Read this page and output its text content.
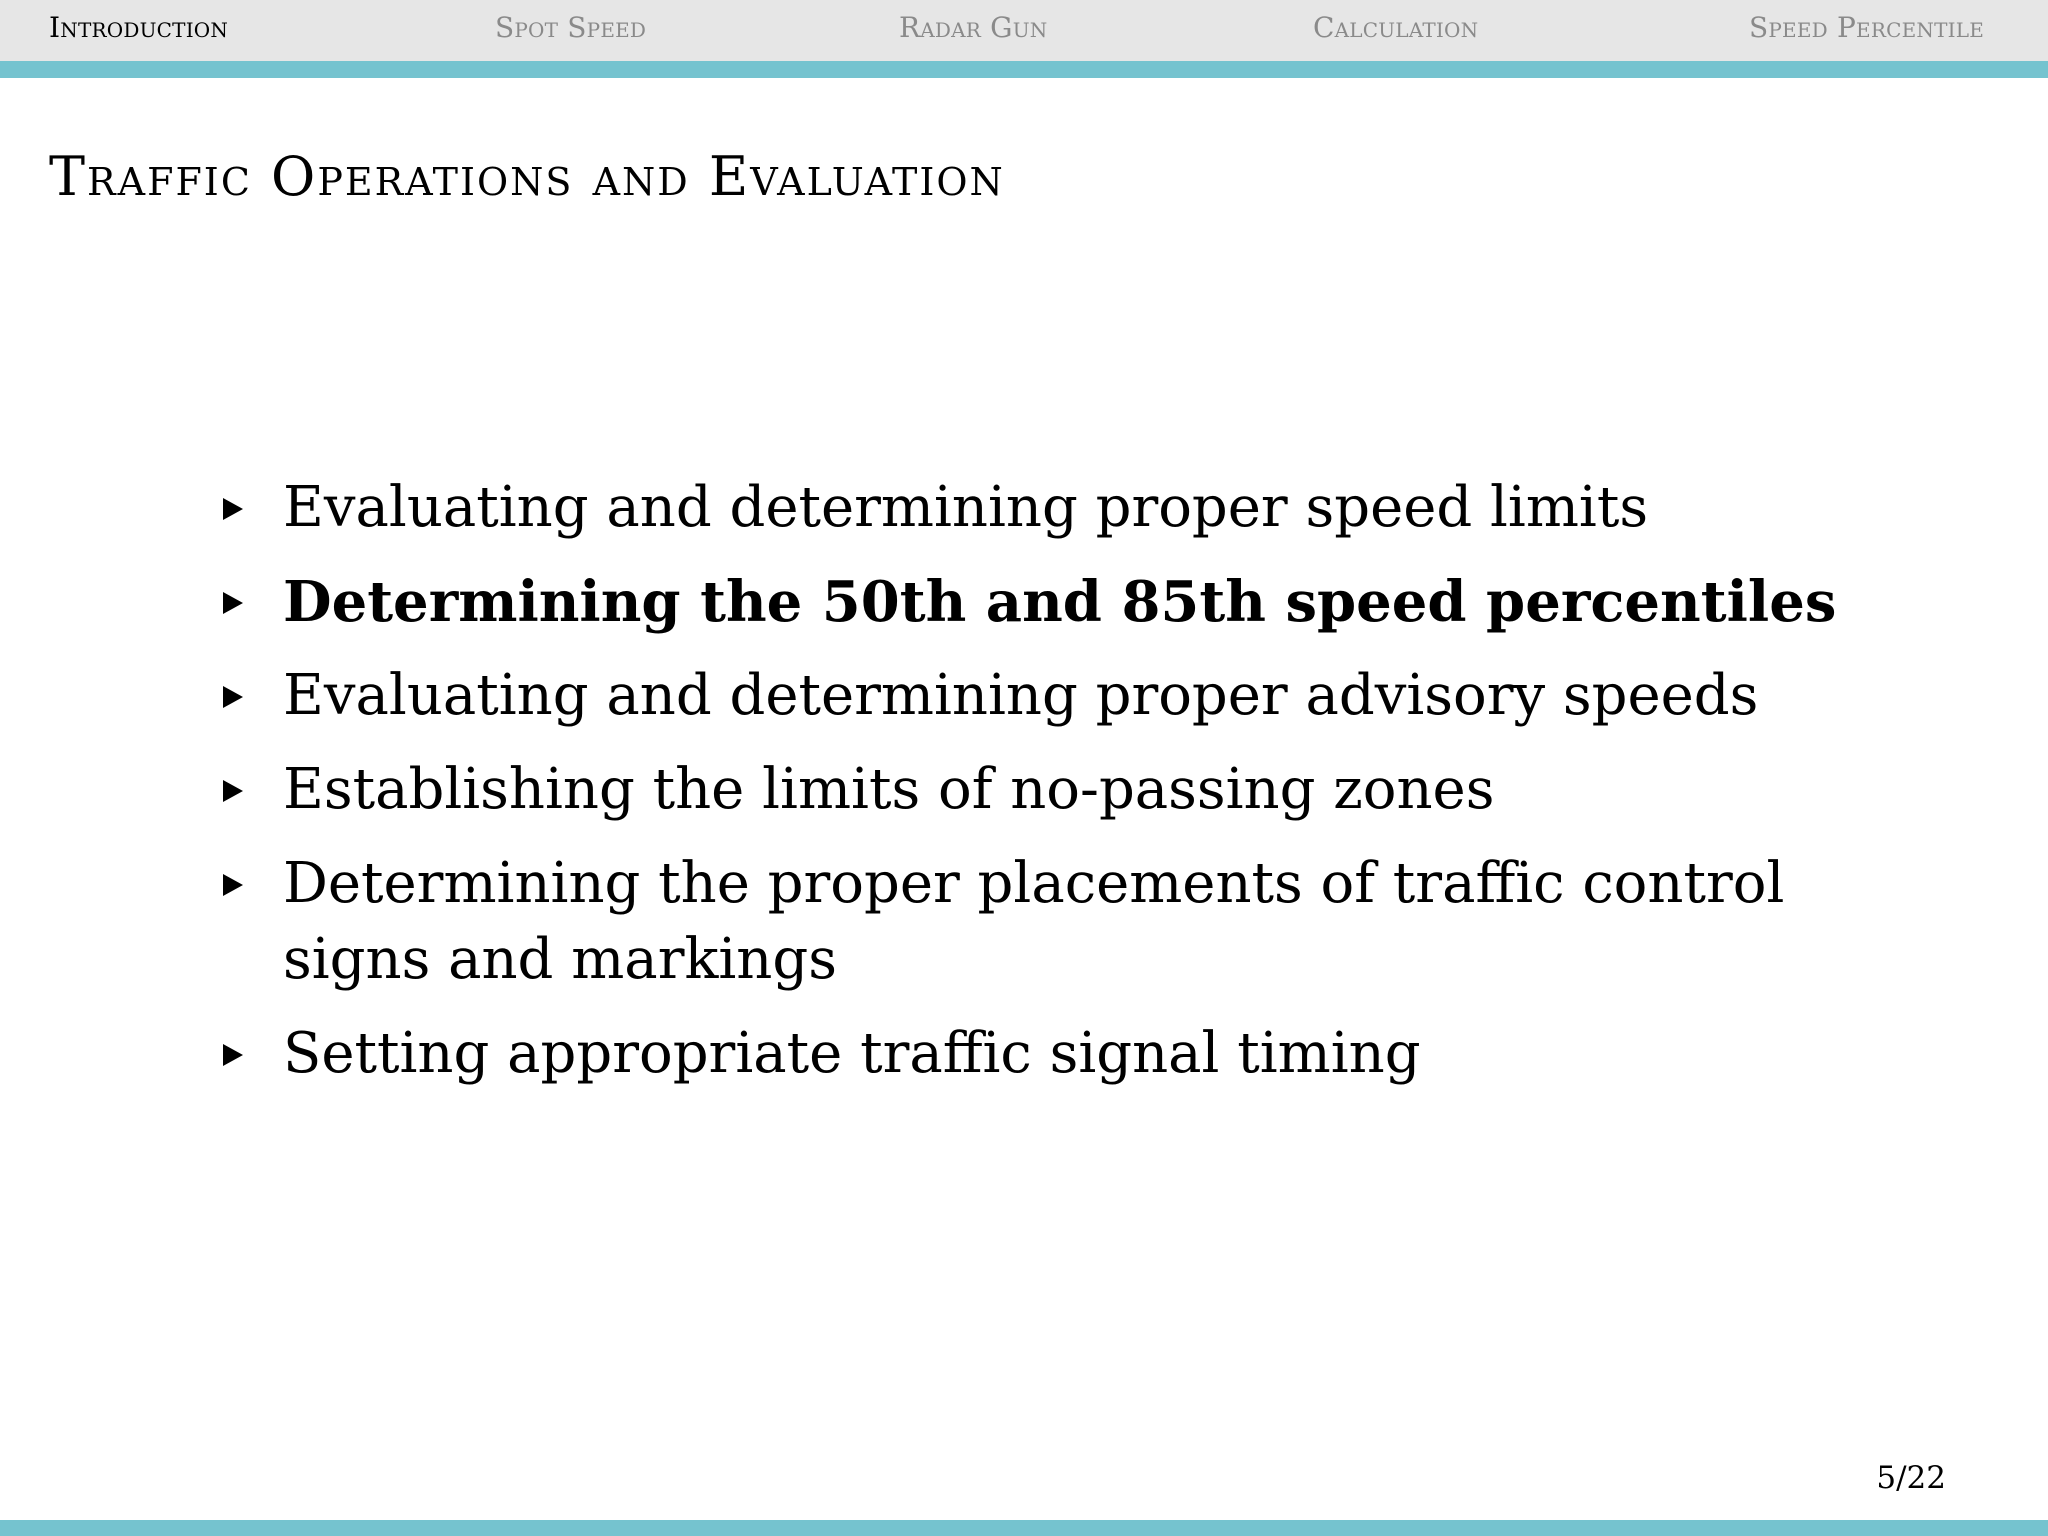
Introduction	Spot Speed	Radar Gun	Calculation	Speed Percentile
Traffic Operations and Evaluation
Evaluating and determining proper speed limits
Determining the 50th and 85th speed percentiles
Evaluating and determining proper advisory speeds
Establishing the limits of no-passing zones
Determining the proper placements of traffic control signs and markings
Setting appropriate traffic signal timing
5/22
